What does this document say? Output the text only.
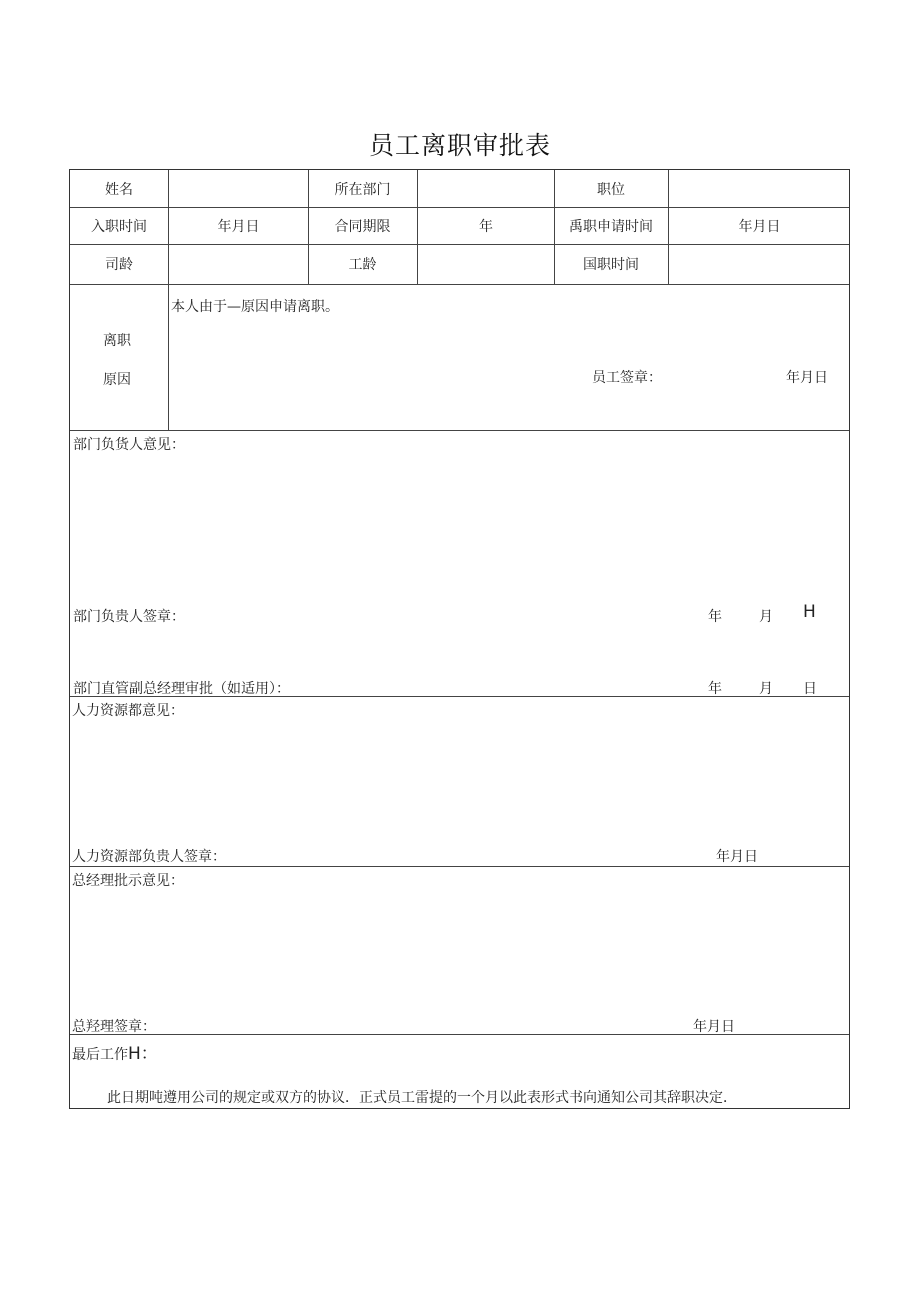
员工离职审批表
姓名	所在部门	职位
入职时间	年月日	合同期限	年	禹职申请时间	年月日
司龄	工龄	国职时间
离职
原因
本人由于—原因申请离职。
员工签章：	年月日
部门负货人意见：
部门负贵人签章：	年	月 H
部门直管副总经理审批（如适用）：	年	月 日
人力资源都意见：
人力资源部负贵人签章：	年月日
总经理批示意见：
总羟理签章：	年月日
最后工作H：
此日期吨遵用公司的规定或双方的协议．正式员工雷提的一个月以此表形式书向通知公司其辞职决定．
